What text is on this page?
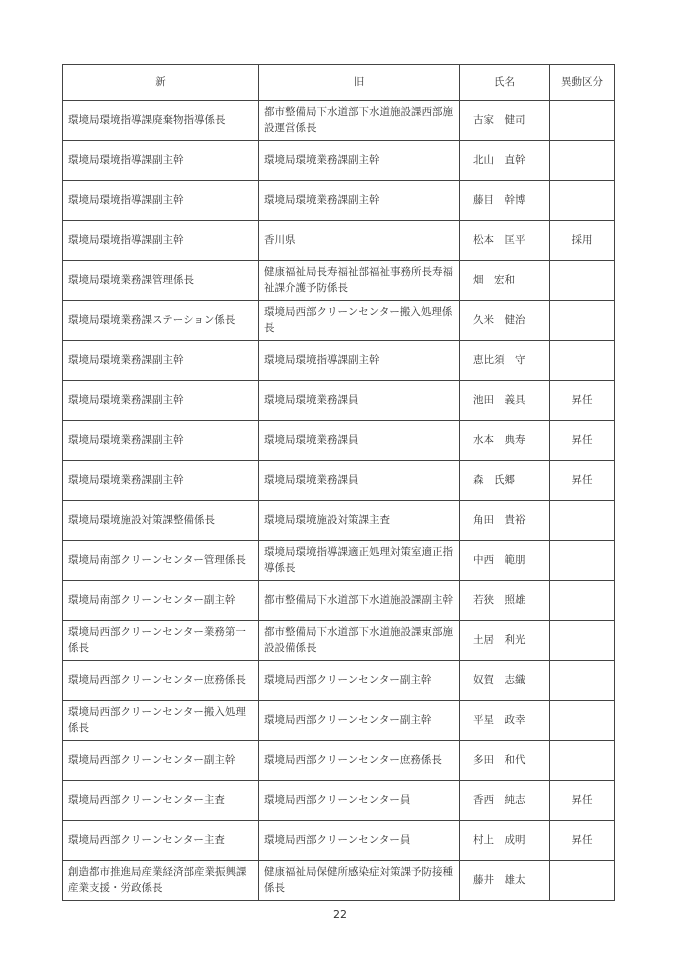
新	旧	氏名	異動区分
環境局環境指導課廃棄物指導係長	都市整備局下水道部下水道施設課西部施設運営係長	古家　健司	
環境局環境指導課副主幹	環境局環境業務課副主幹	北山　直幹	
環境局環境指導課副主幹	環境局環境業務課副主幹	藤目　幹博	
環境局環境指導課副主幹	香川県	松本　匡平	採用
環境局環境業務課管理係長	健康福祉局長寿福祉部福祉事務所長寿福祉課介護予防係長	畑　宏和	
環境局環境業務課ステーション係長	環境局西部クリーンセンター搬入処理係長	久米　健治	
環境局環境業務課副主幹	環境局環境指導課副主幹	恵比須　守	
環境局環境業務課副主幹	環境局環境業務課員	池田　義具	昇任
環境局環境業務課副主幹	環境局環境業務課員	水本　典寿	昇任
環境局環境業務課副主幹	環境局環境業務課員	森　氏郷	昇任
環境局環境施設対策課整備係長	環境局環境施設対策課主査	角田　貴裕	
環境局南部クリーンセンター管理係長	環境局環境指導課適正処理対策室適正指導係長	中西　範朋	
環境局南部クリーンセンター副主幹	都市整備局下水道部下水道施設課副主幹	若狭　照雄	
環境局西部クリーンセンター業務第一係長	都市整備局下水道部下水道施設課東部施設設備係長	土居　利光	
環境局西部クリーンセンター庶務係長	環境局西部クリーンセンター副主幹	奴賀　志織	
環境局西部クリーンセンター搬入処理係長	環境局西部クリーンセンター副主幹	平星　政幸	
環境局西部クリーンセンター副主幹	環境局西部クリーンセンター庶務係長	多田　和代	
環境局西部クリーンセンター主査	環境局西部クリーンセンター員	香西　純志	昇任
環境局西部クリーンセンター主査	環境局西部クリーンセンター員	村上　成明	昇任
創造都市推進局産業経済部産業振興課産業支援・労政係長	健康福祉局保健所感染症対策課予防接種係長	藤井　雄太	
22
